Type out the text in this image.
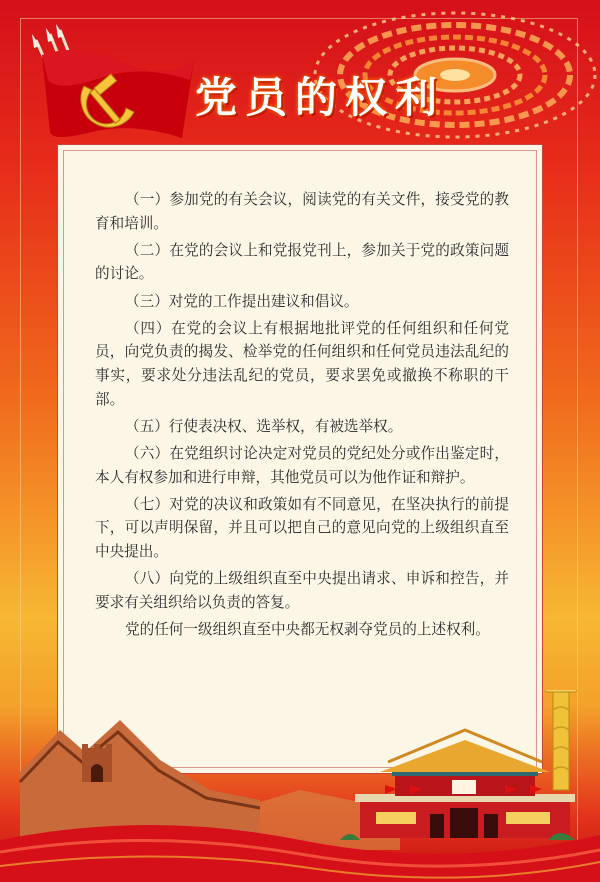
党员的权利

（一）参加党的有关会议，阅读党的有关文件，接受党的教育和培训。

（二）在党的会议上和党报党刊上，参加关于党的政策问题的讨论。

（三）对党的工作提出建议和倡议。

（四）在党的会议上有根据地批评党的任何组织和任何党员，向党负责的揭发、检举党的任何组织和任何党员违法乱纪的事实，要求处分违法乱纪的党员，要求罢免或撤换不称职的干部。

（五）行使表决权、选举权，有被选举权。

（六）在党组织讨论决定对党员的党纪处分或作出鉴定时，本人有权参加和进行申辩，其他党员可以为他作证和辩护。

（七）对党的决议和政策如有不同意见，在坚决执行的前提下，可以声明保留，并且可以把自己的意见向党的上级组织直至中央提出。

（八）向党的上级组织直至中央提出请求、申诉和控告，并要求有关组织给以负责的答复。

党的任何一级组织直至中央都无权剥夺党员的上述权利。
